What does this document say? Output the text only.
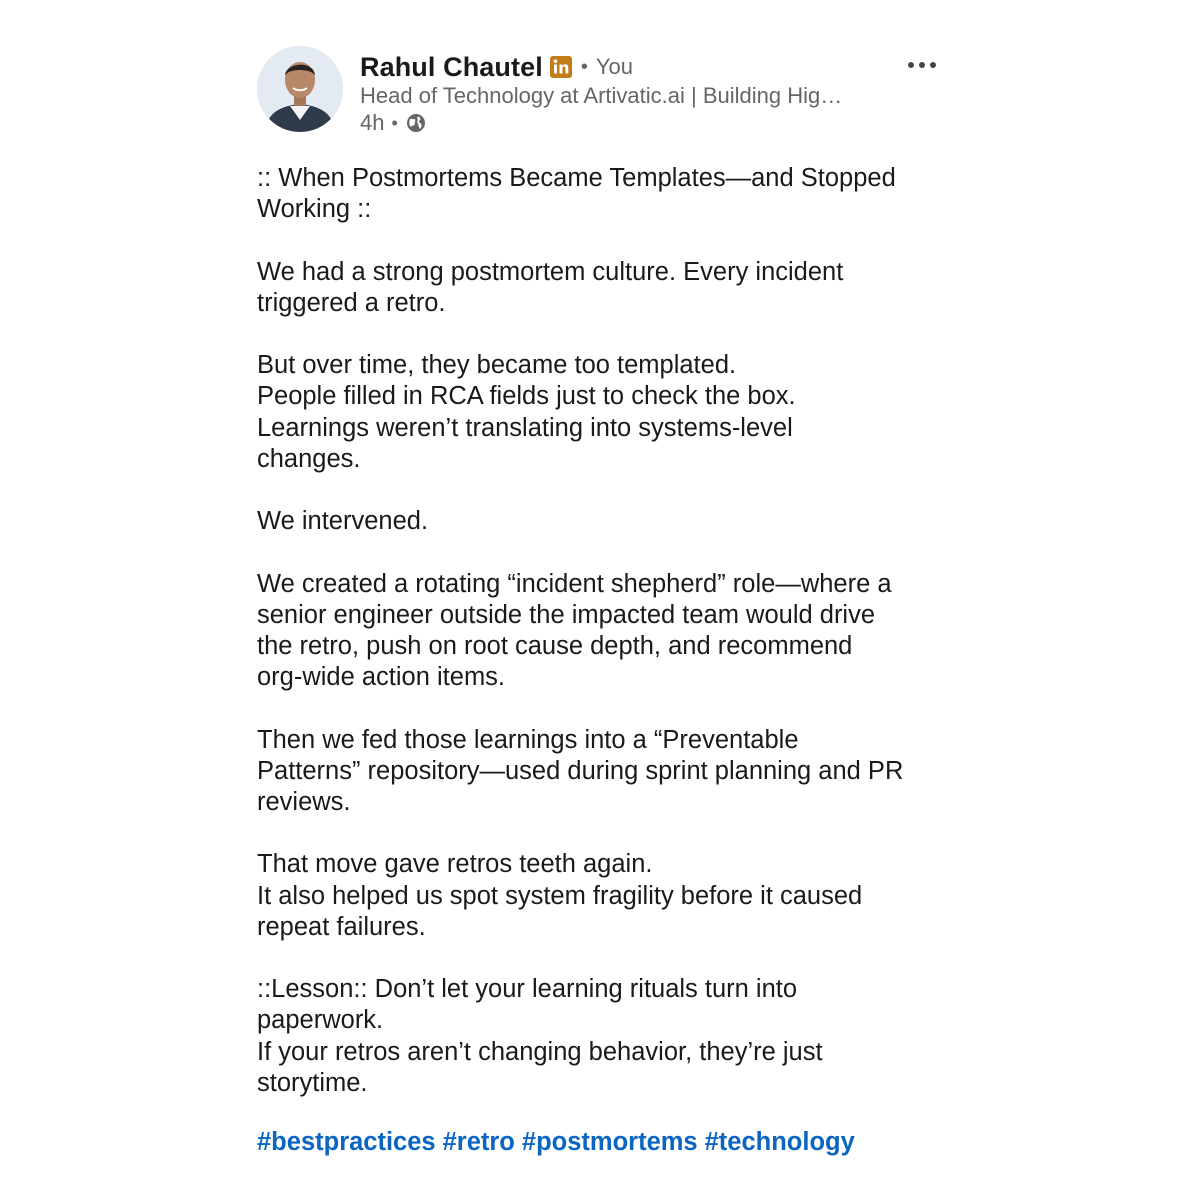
Rahul Chautel • You
Head of Technology at Artivatic.ai | Building Hig…
4h •
:: When Postmortems Became Templates—and Stopped
Working ::
We had a strong postmortem culture. Every incident
triggered a retro.
But over time, they became too templated.
People filled in RCA fields just to check the box.
Learnings weren’t translating into systems-level
changes.
We intervened.
We created a rotating “incident shepherd” role—where a
senior engineer outside the impacted team would drive
the retro, push on root cause depth, and recommend
org-wide action items.
Then we fed those learnings into a “Preventable
Patterns” repository—used during sprint planning and PR
reviews.
That move gave retros teeth again.
It also helped us spot system fragility before it caused
repeat failures.
::Lesson:: Don’t let your learning rituals turn into
paperwork.
If your retros aren’t changing behavior, they’re just
storytime.
#bestpractices #retro #postmortems #technology
